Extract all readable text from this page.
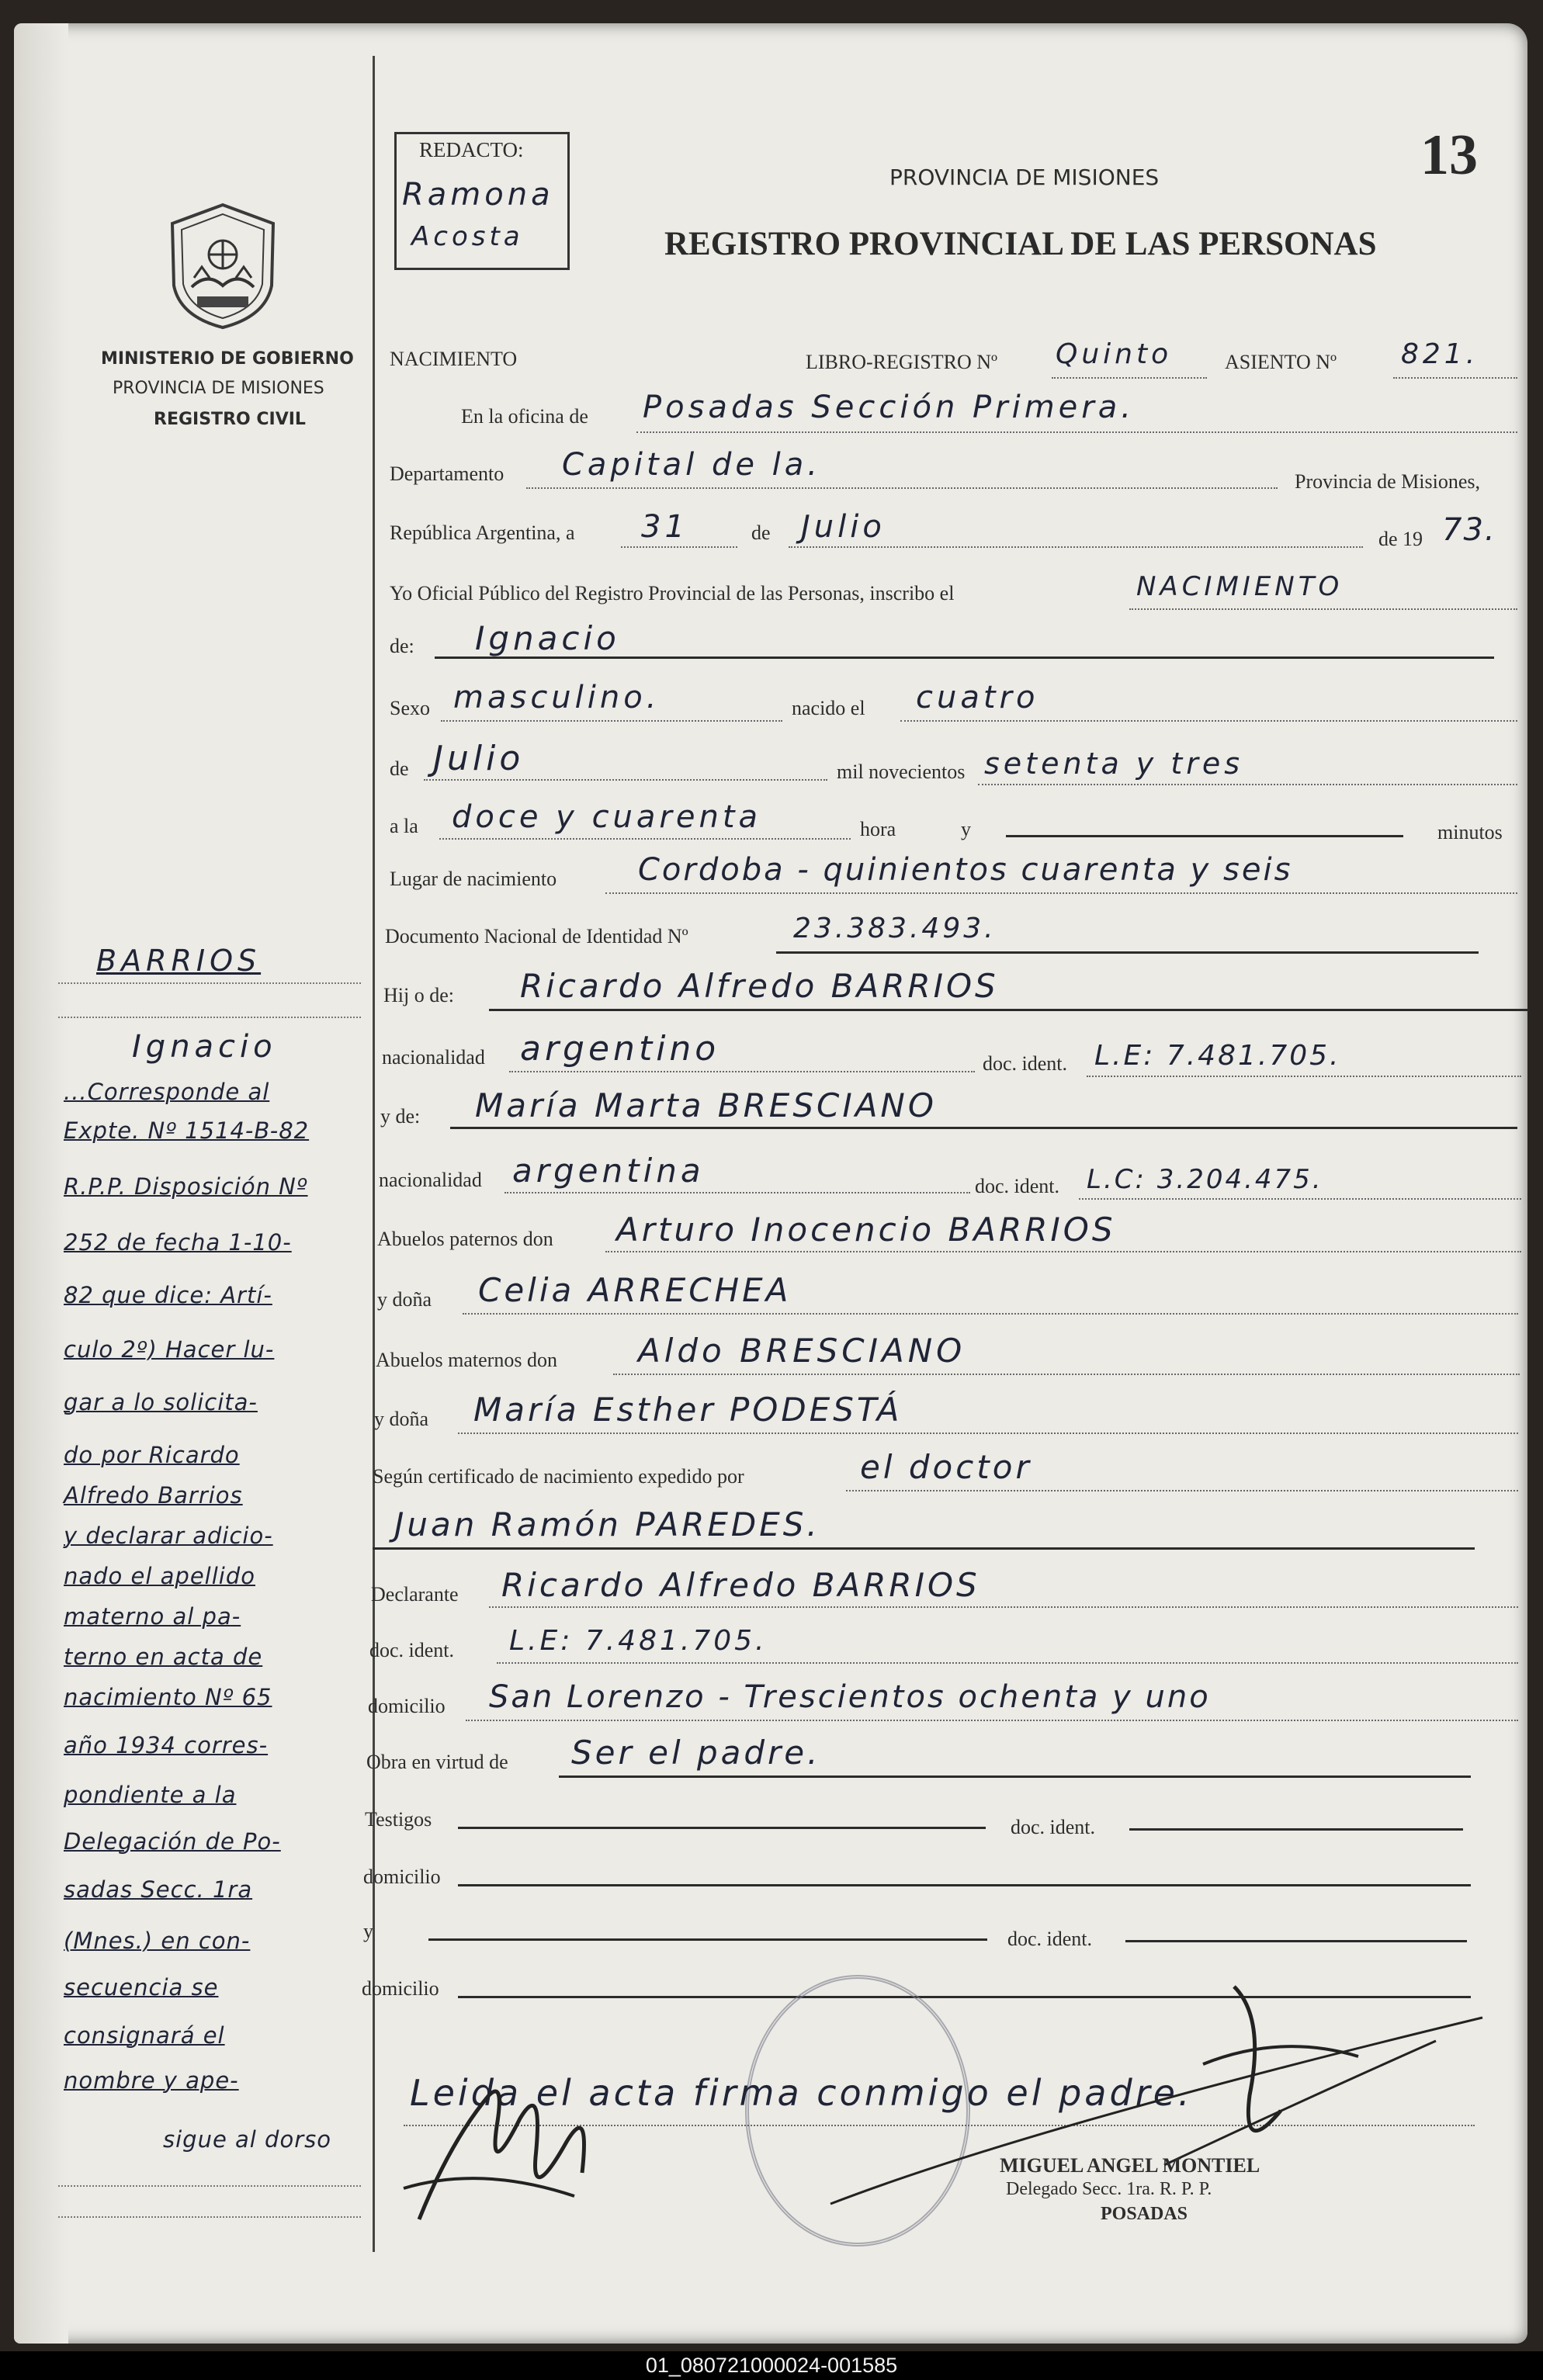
MINISTERIO DE GOBIERNO
PROVINCIA DE MISIONES
REGISTRO CIVIL
REDACTO:
Ramona
Acosta
PROVINCIA DE MISIONES
REGISTRO PROVINCIAL DE LAS PERSONAS
13
NACIMIENTO	LIBRO-REGISTRO Nº Quinto	ASIENTO Nº 821.
En la oficina de Posadas Sección Primera.
Departamento Capital de la.	Provincia de Misiones,
República Argentina, a 31	de Julio	de 19 73.
Yo Oficial Público del Registro Provincial de las Personas, inscribo el	NACIMIENTO
de: Ignacio
Sexo masculino.	nacido el cuatro
de Julio	mil novecientos setenta y tres
a la doce y cuarenta	hora	y	minutos
Lugar de nacimiento	Cordoba - quinientos cuarenta y seis
Documento Nacional de Identidad Nº	23.383.493.
Hij o de: Ricardo Alfredo BARRIOS
nacionalidad argentino	doc. ident. L.E: 7.481.705.
y de: María Marta BRESCIANO
nacionalidad argentina	doc. ident. L.C: 3.204.475.
Abuelos paternos don Arturo Inocencio BARRIOS
y doña Celia ARRECHEA
Abuelos maternos don Aldo BRESCIANO
y doña María Esther PODESTÁ
Según certificado de nacimiento expedido por	el doctor
Juan Ramón PAREDES.
Declarante Ricardo Alfredo BARRIOS
doc. ident. L.E: 7.481.705.
domicilio San Lorenzo - Trescientos ochenta y uno
Obra en virtud de Ser el padre.
Testigos	doc. ident.
domicilio
y	doc. ident.
domicilio
Leida el acta firma conmigo el padre.
MIGUEL ANGEL MONTIEL
Delegado Secc. 1ra. R. P. P.
POSADAS
BARRIOS
Ignacio
...Corresponde al
Expte. Nº 1514-B-82
R.P.P. Disposición Nº
252 de fecha 1-10-
82 que dice: Artí-
culo 2º) Hacer lu-
gar a lo solicita-
do por Ricardo
Alfredo Barrios
y declarar adicio-
nado el apellido
materno al pa-
terno en acta de
nacimiento Nº 65
año 1934 corres-
pondiente a la
Delegación de Po-
sadas Secc. 1ra
(Mnes.) en con-
secuencia se
consignará el
nombre y ape-
sigue al dorso
01_080721000024-001585
